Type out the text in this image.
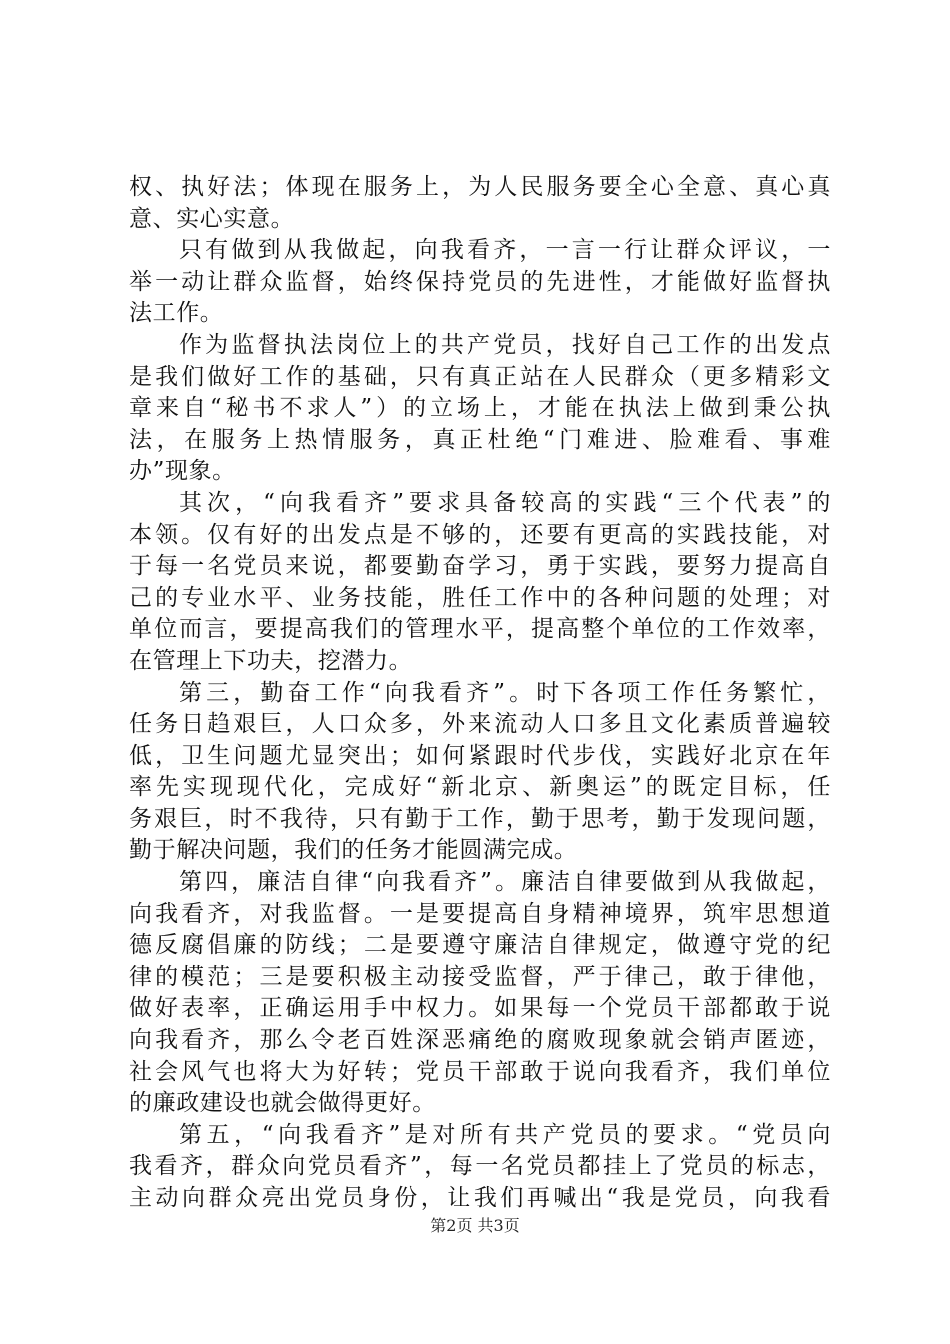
权、执好法；体现在服务上，为人民服务要全心全意、真心真
意、实心实意。
只有做到从我做起，向我看齐，一言一行让群众评议，一
举一动让群众监督，始终保持党员的先进性，才能做好监督执
法工作。
作为监督执法岗位上的共产党员，找好自己工作的出发点
是我们做好工作的基础，只有真正站在人民群众（更多精彩文
章来自“秘书不求人”）的立场上，才能在执法上做到秉公执
法，在服务上热情服务，真正杜绝“门难进、脸难看、事难
办”现象。
其次，“向我看齐”要求具备较高的实践“三个代表”的
本领。仅有好的出发点是不够的，还要有更高的实践技能，对
于每一名党员来说，都要勤奋学习，勇于实践，要努力提高自
己的专业水平、业务技能，胜任工作中的各种问题的处理；对
单位而言，要提高我们的管理水平，提高整个单位的工作效率，
在管理上下功夫，挖潜力。
第三，勤奋工作“向我看齐”。时下各项工作任务繁忙，
任务日趋艰巨，人口众多，外来流动人口多且文化素质普遍较
低，卫生问题尤显突出；如何紧跟时代步伐，实践好北京在年
率先实现现代化，完成好“新北京、新奥运”的既定目标，任
务艰巨，时不我待，只有勤于工作，勤于思考，勤于发现问题，
勤于解决问题，我们的任务才能圆满完成。
第四，廉洁自律“向我看齐”。廉洁自律要做到从我做起，
向我看齐，对我监督。一是要提高自身精神境界，筑牢思想道
德反腐倡廉的防线；二是要遵守廉洁自律规定，做遵守党的纪
律的模范；三是要积极主动接受监督，严于律己，敢于律他，
做好表率，正确运用手中权力。如果每一个党员干部都敢于说
向我看齐，那么令老百姓深恶痛绝的腐败现象就会销声匿迹，
社会风气也将大为好转；党员干部敢于说向我看齐，我们单位
的廉政建设也就会做得更好。
第五，“向我看齐”是对所有共产党员的要求。“党员向
我看齐，群众向党员看齐”，每一名党员都挂上了党员的标志，
主动向群众亮出党员身份，让我们再喊出“我是党员，向我看
第2页 共3页
